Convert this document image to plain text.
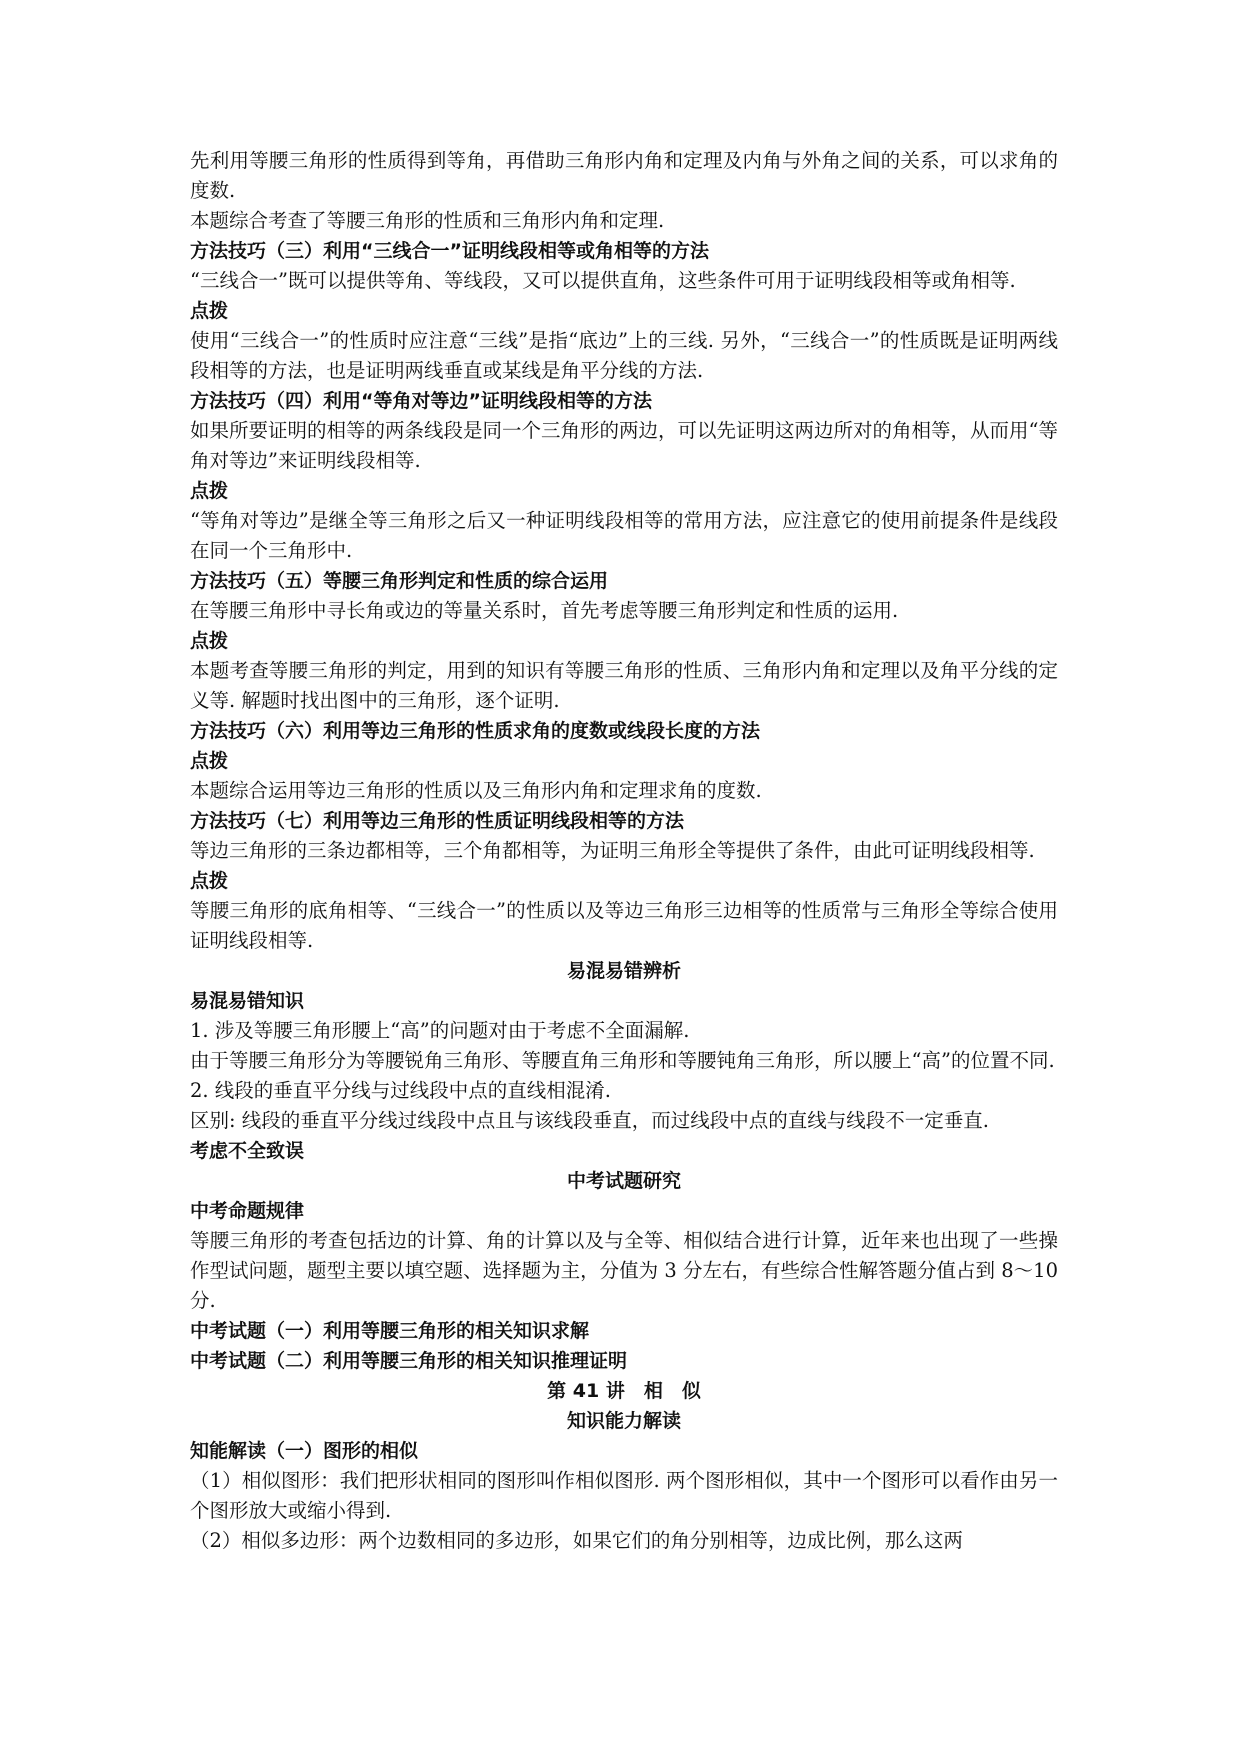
先利用等腰三角形的性质得到等角，再借助三角形内角和定理及内角与外角之间的关系，可以求角的度数.
本题综合考查了等腰三角形的性质和三角形内角和定理.
方法技巧（三）利用“三线合一”证明线段相等或角相等的方法
“三线合一”既可以提供等角、等线段，又可以提供直角，这些条件可用于证明线段相等或角相等.
点拨
使用“三线合一”的性质时应注意“三线”是指“底边”上的三线. 另外，“三线合一”的性质既是证明两线段相等的方法，也是证明两线垂直或某线是角平分线的方法.
方法技巧（四）利用“等角对等边”证明线段相等的方法
如果所要证明的相等的两条线段是同一个三角形的两边，可以先证明这两边所对的角相等，从而用“等角对等边”来证明线段相等.
点拨
“等角对等边”是继全等三角形之后又一种证明线段相等的常用方法，应注意它的使用前提条件是线段在同一个三角形中.
方法技巧（五）等腰三角形判定和性质的综合运用
在等腰三角形中寻长角或边的等量关系时，首先考虑等腰三角形判定和性质的运用.
点拨
本题考查等腰三角形的判定，用到的知识有等腰三角形的性质、三角形内角和定理以及角平分线的定义等. 解题时找出图中的三角形，逐个证明.
方法技巧（六）利用等边三角形的性质求角的度数或线段长度的方法
点拨
本题综合运用等边三角形的性质以及三角形内角和定理求角的度数.
方法技巧（七）利用等边三角形的性质证明线段相等的方法
等边三角形的三条边都相等，三个角都相等，为证明三角形全等提供了条件，由此可证明线段相等.
点拨
等腰三角形的底角相等、“三线合一”的性质以及等边三角形三边相等的性质常与三角形全等综合使用证明线段相等.
易混易错辨析
易混易错知识
1. 涉及等腰三角形腰上“高”的问题对由于考虑不全面漏解.
由于等腰三角形分为等腰锐角三角形、等腰直角三角形和等腰钝角三角形，所以腰上“高”的位置不同.
2. 线段的垂直平分线与过线段中点的直线相混淆.
区别: 线段的垂直平分线过线段中点且与该线段垂直，而过线段中点的直线与线段不一定垂直.
考虑不全致误
中考试题研究
中考命题规律
等腰三角形的考查包括边的计算、角的计算以及与全等、相似结合进行计算，近年来也出现了一些操作型试问题，题型主要以填空题、选择题为主，分值为 3 分左右，有些综合性解答题分值占到 8～10 分.
中考试题（一）利用等腰三角形的相关知识求解
中考试题（二）利用等腰三角形的相关知识推理证明
第 41 讲　相　似
知识能力解读
知能解读（一）图形的相似
（1）相似图形：我们把形状相同的图形叫作相似图形. 两个图形相似，其中一个图形可以看作由另一个图形放大或缩小得到.
（2）相似多边形：两个边数相同的多边形，如果它们的角分别相等，边成比例，那么这两
